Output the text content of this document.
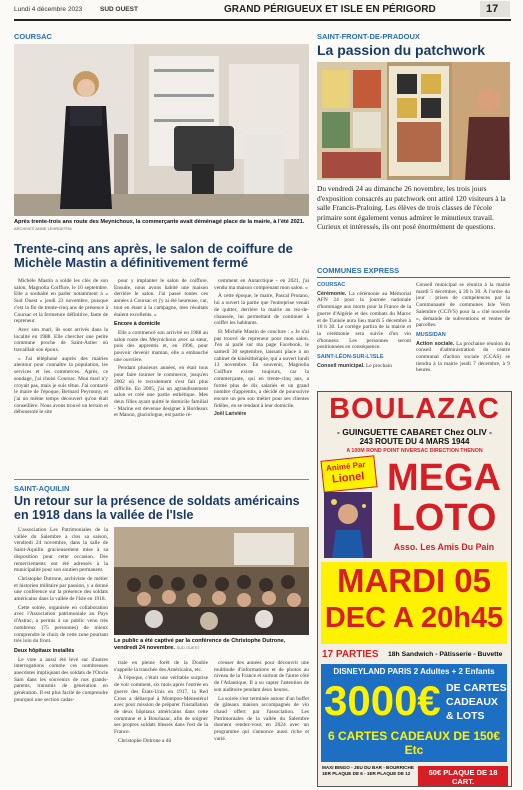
Lundi 4 décembre 2023	SUD OUEST	GRAND PÉRIGUEUX ET ISLE EN PÉRIGORD	17
COURSAC
Après trente-trois ans route des Meynichoux, la commerçante avait déménagé place de la mairie, à l'été 2021. ARCHIVES ANNE LEHRDETRA
Trente-cinq ans après, le salon de coiffure de Michèle Mastin a définitivement fermé

Michèle Mastin a soldé les clés de son salon, Magnolia Coiffure, le 10 septembre. Elle a souhaité en parler notamment à « Sud Ouest » jeudi 23 novembre, puisque c'est la fin de trente-cinq ans de présence à Coursac et la fermeture définitive, faute de repreneur.

Avec son mari, ils sont arrivés dans la localité en 1988. Elle chercher une petite commune proche de Saint-Astier où travaillait son époux.

« J'ai téléphoné auprès des mairies alentour pour connaître la population, les services et les commerces. Après, ce sondage, j'ai choisi Coursac. Mon mari n'y croyait pas, mais je suis têtue. J'ai contacté le maire de l'époque, Bernard Peyronny, et j'ai un même temps découvert qu'on était conseillère. Nous avons trouvé un terrain et déboussolé le site

pour y implanter le salon de coiffure. Ensuite, nous avons habité une maison derrière le salon. J'ai passé toutes ces années à Coursac et j'y ai été heureuse, car, tout en étant à la campagne, mes résultats étaient excellents. »

Encore à domicile

Elle a commencé son activité en 1988 au salon route des Meynichoux avec sa sœur, puis des apprentis et, en 1996, pour pouvoir devenir maman, elle a embauché une ouvrière.

Pendant plusieurs années, en était tous pour faire tourner le commerce, jusqu'en 2002 où le recrutement s'est fait plus difficile. En 2005, j'ai un agrandissement salon et créé une partie esthétique. Mes deux filles ayant quitté le domicile familial - Marine est devenue designer à Bordeaux et Manon, glaciologue, est partie ré-

cemment en Antarctique - en 2021, j'ai vendu ma maison comprenant mon salon. »

À cette époque, le maire, Pascal Protano, lui a ouvert la partie que l'entreprise venait de quitter, derrière la mairie au rez-de-chaussée, lui permettant de continuer à coiffer les habitants.

Et Michèle Mastin de conclure : « Je n'ai pas trouvé de repreneur pour mon salon. J'en ai parlé sur ma page Facebook, le samedi 30 septembre, laissant place à un cabinet de kinésithérapie, qui a ouvert lundi 13 novembre. En souvenir, Magnolia Coiffure existe toujours, car la commerçante, qui en trente-cinq ans, a formé plus de dix salariés et un grand nombre d'apprentis, a décidé de poursuivre encore un peu son métier pour ses clientes fidèles, en se rendant à leur domicile.

Joël Larivière

SAINT-AQUILIN
Un retour sur la présence de soldats américains en 1918 dans la vallée de l'Isle

L'association Les Patrimoniales de la vallée du Salembre a clos sa saison, vendredi 24 novembre, dans la salle de Saint-Aquilin gracieusement mise à sa disposition pour cette occasion. Des remerciements ont été adressés à la municipalité pour son soutien permanent.

Christophe Dutrone, archiviste de métier et historien militaire par passion, y a donné une conférence sur la présence des soldats américains dans la vallée de l'Isle en 1918.

Cette soirée, organisée en collaboration avec l'Association patrimoniale au Pays d'Astrac, a permis à un public venu très nombreux (75 personnes) de mieux comprendre le choix de cette zone pourtant très loin du front.

Deux hôpitaux installés

Le vote a aussi été levé sur d'autres interrogations comme ces nombreuses anecdotes impliquant des soldats de l'Oncle Sam dans les souvenirs de nos grands-parents, transmis de génération en génération. Il est plus facile de comprendre pourquoi une section cadas-

Le public a été captivé par la conférence de Christophe Dutrone, vendredi 24 novembre. SUD OUEST

trale en pleine forêt de la Double s'appelle la tranchée des Américains, etc.

À l'époque, c'était une véritable surprise de voir comment, six mois après l'entrée en guerre des États-Unis en 1917, la Red Cross a débarqué à Montpon-Ménestérol avec pour mission de préparer l'installation de deux hôpitaux américains dans cette commune et à Bourlazac, afin de soigner ses propres soldats blessés dans l'est de la France.

Christophe Dutrone a dû

creuser des années pour découvrir une multitude d'informations et de photos au niveau de la France et surtout de l'autre côté de l'Atlantique. Il a su capter l'attention de son auditoire pendant deux heures.

La soirée s'est terminée autour d'un buffet de gâteaux maison accompagnés de vin chaud offert par l'association. Les Patrimoniales de la vallée du Salembre donnent rendez-vous en 2024 avec un programme qui s'annonce aussi riche et varié.

SAINT-FRONT-DE-PRADOUX
La passion du patchwork
Du vendredi 24 au dimanche 26 novembre, les trois jours d'exposition consacrés au patchwork ont attiré 120 visiteurs à la salle Francis-Praloing. Les élèves de trois classes de l'école primaire sont également venus admirer le minutieux travail. Curieux et intéressés, ils ont posé énormément de questions.
COMMUNES EXPRESS
COURSAC

Cérémonie. La cérémonie au Mémorial AFN 24 pour la journée nationale d'hommage aux morts pour la France de la guerre d'Algérie et des combats du Maroc et de Tunisie aura lieu mardi 5 décembre à 10 h 30. Le cortège partira de la mairie et la cérémonie sera suivie d'un vin d'honneur. Les personnes seront positionnées en conséquence.

SAINT-LÉON-SUR-L'ISLE

Conseil municipal. Le prochain

Conseil municipal se réunira à la mairie mardi 5 décembre, à 20 h 30. À l'ordre du jour : prises de compétences par la Communauté de communes Isle Vern Salembre (CCIVS) pour la « cité nouvelle », demande de subventions et ventes de parcelles.

MUSSIDAN

Action sociale. La prochaine réunion du conseil d'administration du centre communal d'action sociale (CCAS) se tiendra à la mairie jeudi 7 décembre, à 9 heures.

BOULAZAC
- GUINGUETTE CABARET Chez OLIV -
243 ROUTE DU 4 MARS 1944
A 100M ROND POINT NIVERSAC DIRECTION THENON
Animé Par
Lionel MEGA
LOTO
Asso. Les Amis Du Pain
MARDI 05
DEC A 20h45
17 PARTIES 18h Sandwich - Pâtisserie - Buvette
DISNEYLAND PARIS 2 Adultes + 2 Enfants
3000€ DE CARTES
CADEAUX
& LOTS
6 CARTES CADEAUX DE 150€ Etc
MAXI BINGO - JEU DU BAR - BOURRICHE 1ER PLAQUE DE 6 - 1ER PLAQUE DE 12	50€ PLAQUE DE 18 CART.
